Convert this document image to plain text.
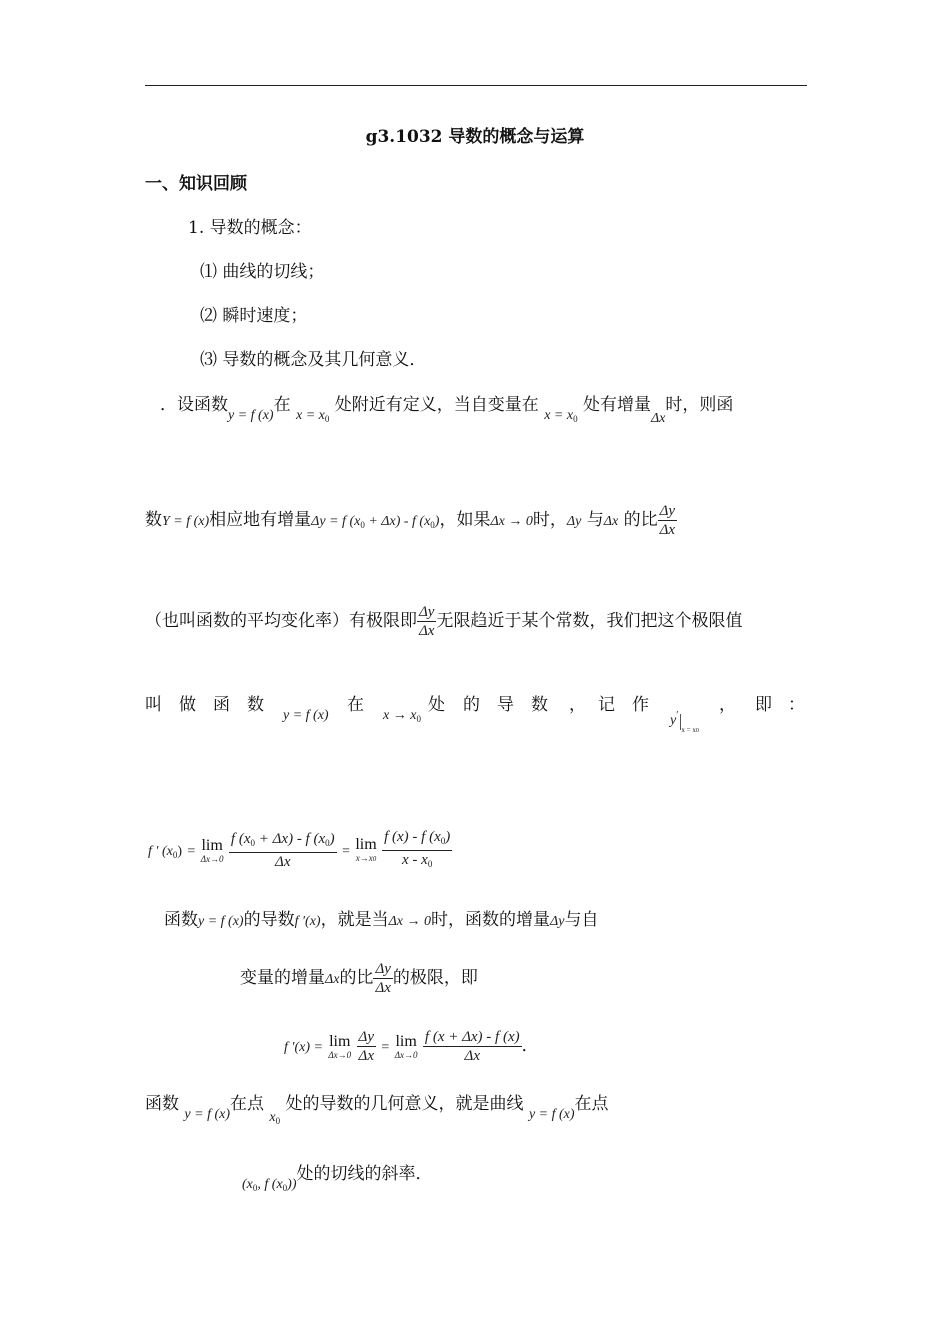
g3.1032 导数的概念与运算
一、知识回顾
1. 导数的概念：
⑴ 曲线的切线；
⑵ 瞬时速度；
⑶ 导数的概念及其几何意义．
．设函数$_{y = f (x)}$在 $_{x = x_0}$ 处附近有定义，当自变量在 $_{x = x_0}$ 处有增量$_{\Delta x}$时，则函
数Y = f (x)相应地有增量Δy = f $(x_0 + \Delta x) - f$ $(x_0)$，如果Δx → 0时，Δy 与Δx 的比 $\frac{\Delta y}{\Delta x}$
（也叫函数的平均变化率）有极限即 $\frac{\Delta y}{\Delta x}$ 无限趋近于某个常数，我们把这个极限值
叫 做 函 数
y = f (x)
在
$x \to x_0$
处 的 导 数 ， 记 作
$y'_{x = x0}$
， 即 ：
f ′ $(x_0) = \lim$
Δx→0
$\frac{f (x_0 + \Delta x) - f (x_0)}{\Delta x} = \lim$
x→x0
$\frac{f (x) - f (x_0)}{x - x_0}$
函数y = f (x)的导数f ′(x)，就是当Δx → 0时，函数的增量Δy与自
变量的增量Δx的比 $\frac{\Delta y}{\Delta x}$ 的极限，即
f ′(x) = lim
Δx→0
$\frac{\Delta y}{\Delta x} = \lim$
Δx→0
$\frac{f (x + \Delta x) - f (x)}{\Delta x}$ ．
函数 $_{y = f (x)}$在点 $_{x_0}$ 处的导数的几何意义，就是曲线 $_{y = f (x)}$在点
$_{(x_0, f (x_0))}$处的切线的斜率．
